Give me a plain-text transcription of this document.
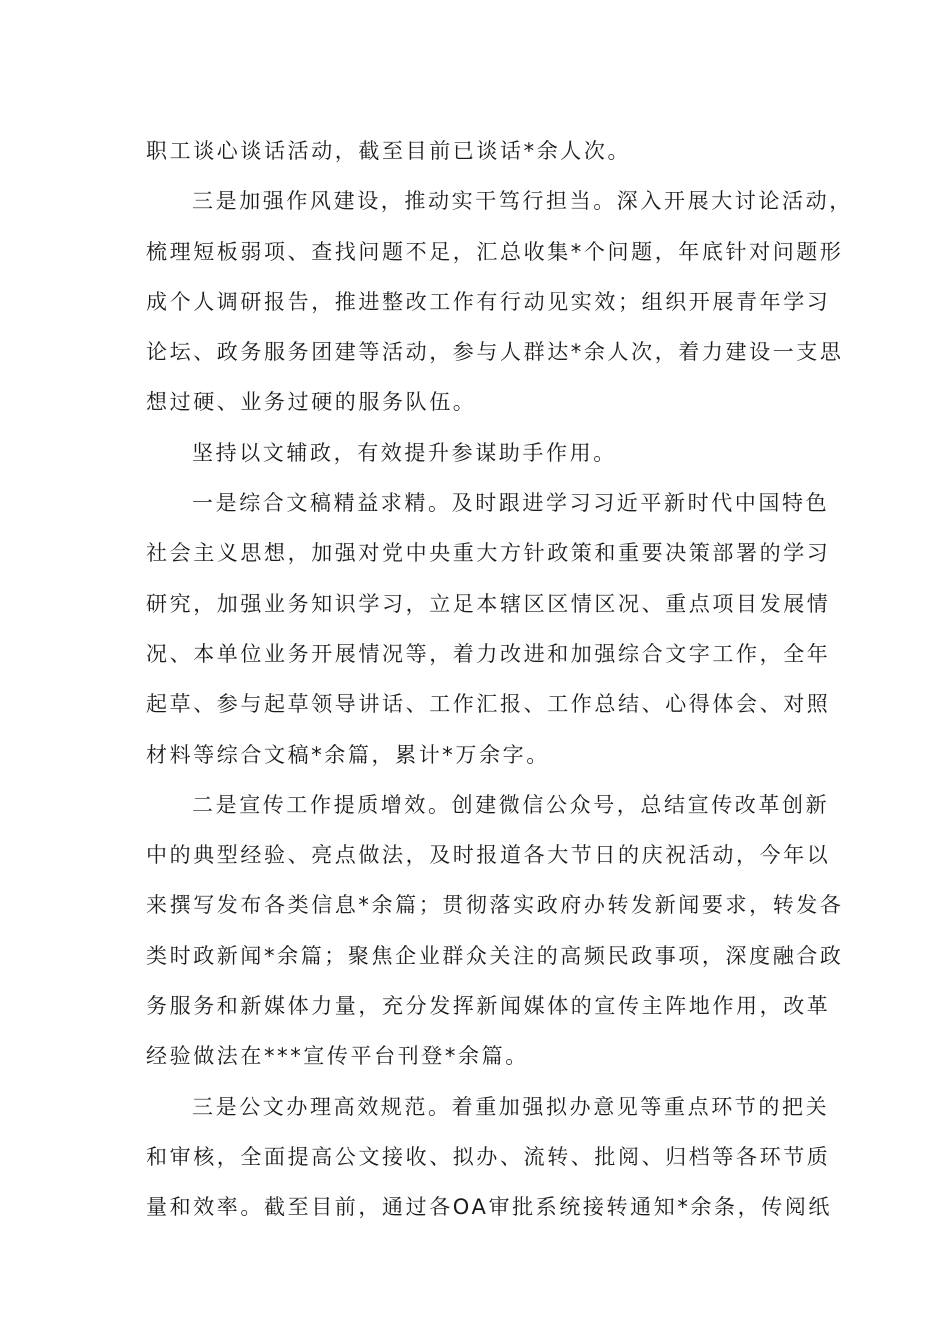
职工谈心谈话活动，截至目前已谈话*余人次。
三是加强作风建设，推动实干笃行担当。深入开展大讨论活动，
梳理短板弱项、查找问题不足，汇总收集*个问题，年底针对问题形
成个人调研报告，推进整改工作有行动见实效；组织开展青年学习
论坛、政务服务团建等活动，参与人群达*余人次，着力建设一支思
想过硬、业务过硬的服务队伍。
坚持以文辅政，有效提升参谋助手作用。
一是综合文稿精益求精。及时跟进学习习近平新时代中国特色
社会主义思想，加强对党中央重大方针政策和重要决策部署的学习
研究，加强业务知识学习，立足本辖区区情区况、重点项目发展情
况、本单位业务开展情况等，着力改进和加强综合文字工作，全年
起草、参与起草领导讲话、工作汇报、工作总结、心得体会、对照
材料等综合文稿*余篇，累计*万余字。
二是宣传工作提质增效。创建微信公众号，总结宣传改革创新
中的典型经验、亮点做法，及时报道各大节日的庆祝活动，今年以
来撰写发布各类信息*余篇；贯彻落实政府办转发新闻要求，转发各
类时政新闻*余篇；聚焦企业群众关注的高频民政事项，深度融合政
务服务和新媒体力量，充分发挥新闻媒体的宣传主阵地作用，改革
经验做法在***宣传平台刊登*余篇。
三是公文办理高效规范。着重加强拟办意见等重点环节的把关
和审核，全面提高公文接收、拟办、流转、批阅、归档等各环节质
量和效率。截至目前，通过各OA审批系统接转通知*余条，传阅纸
